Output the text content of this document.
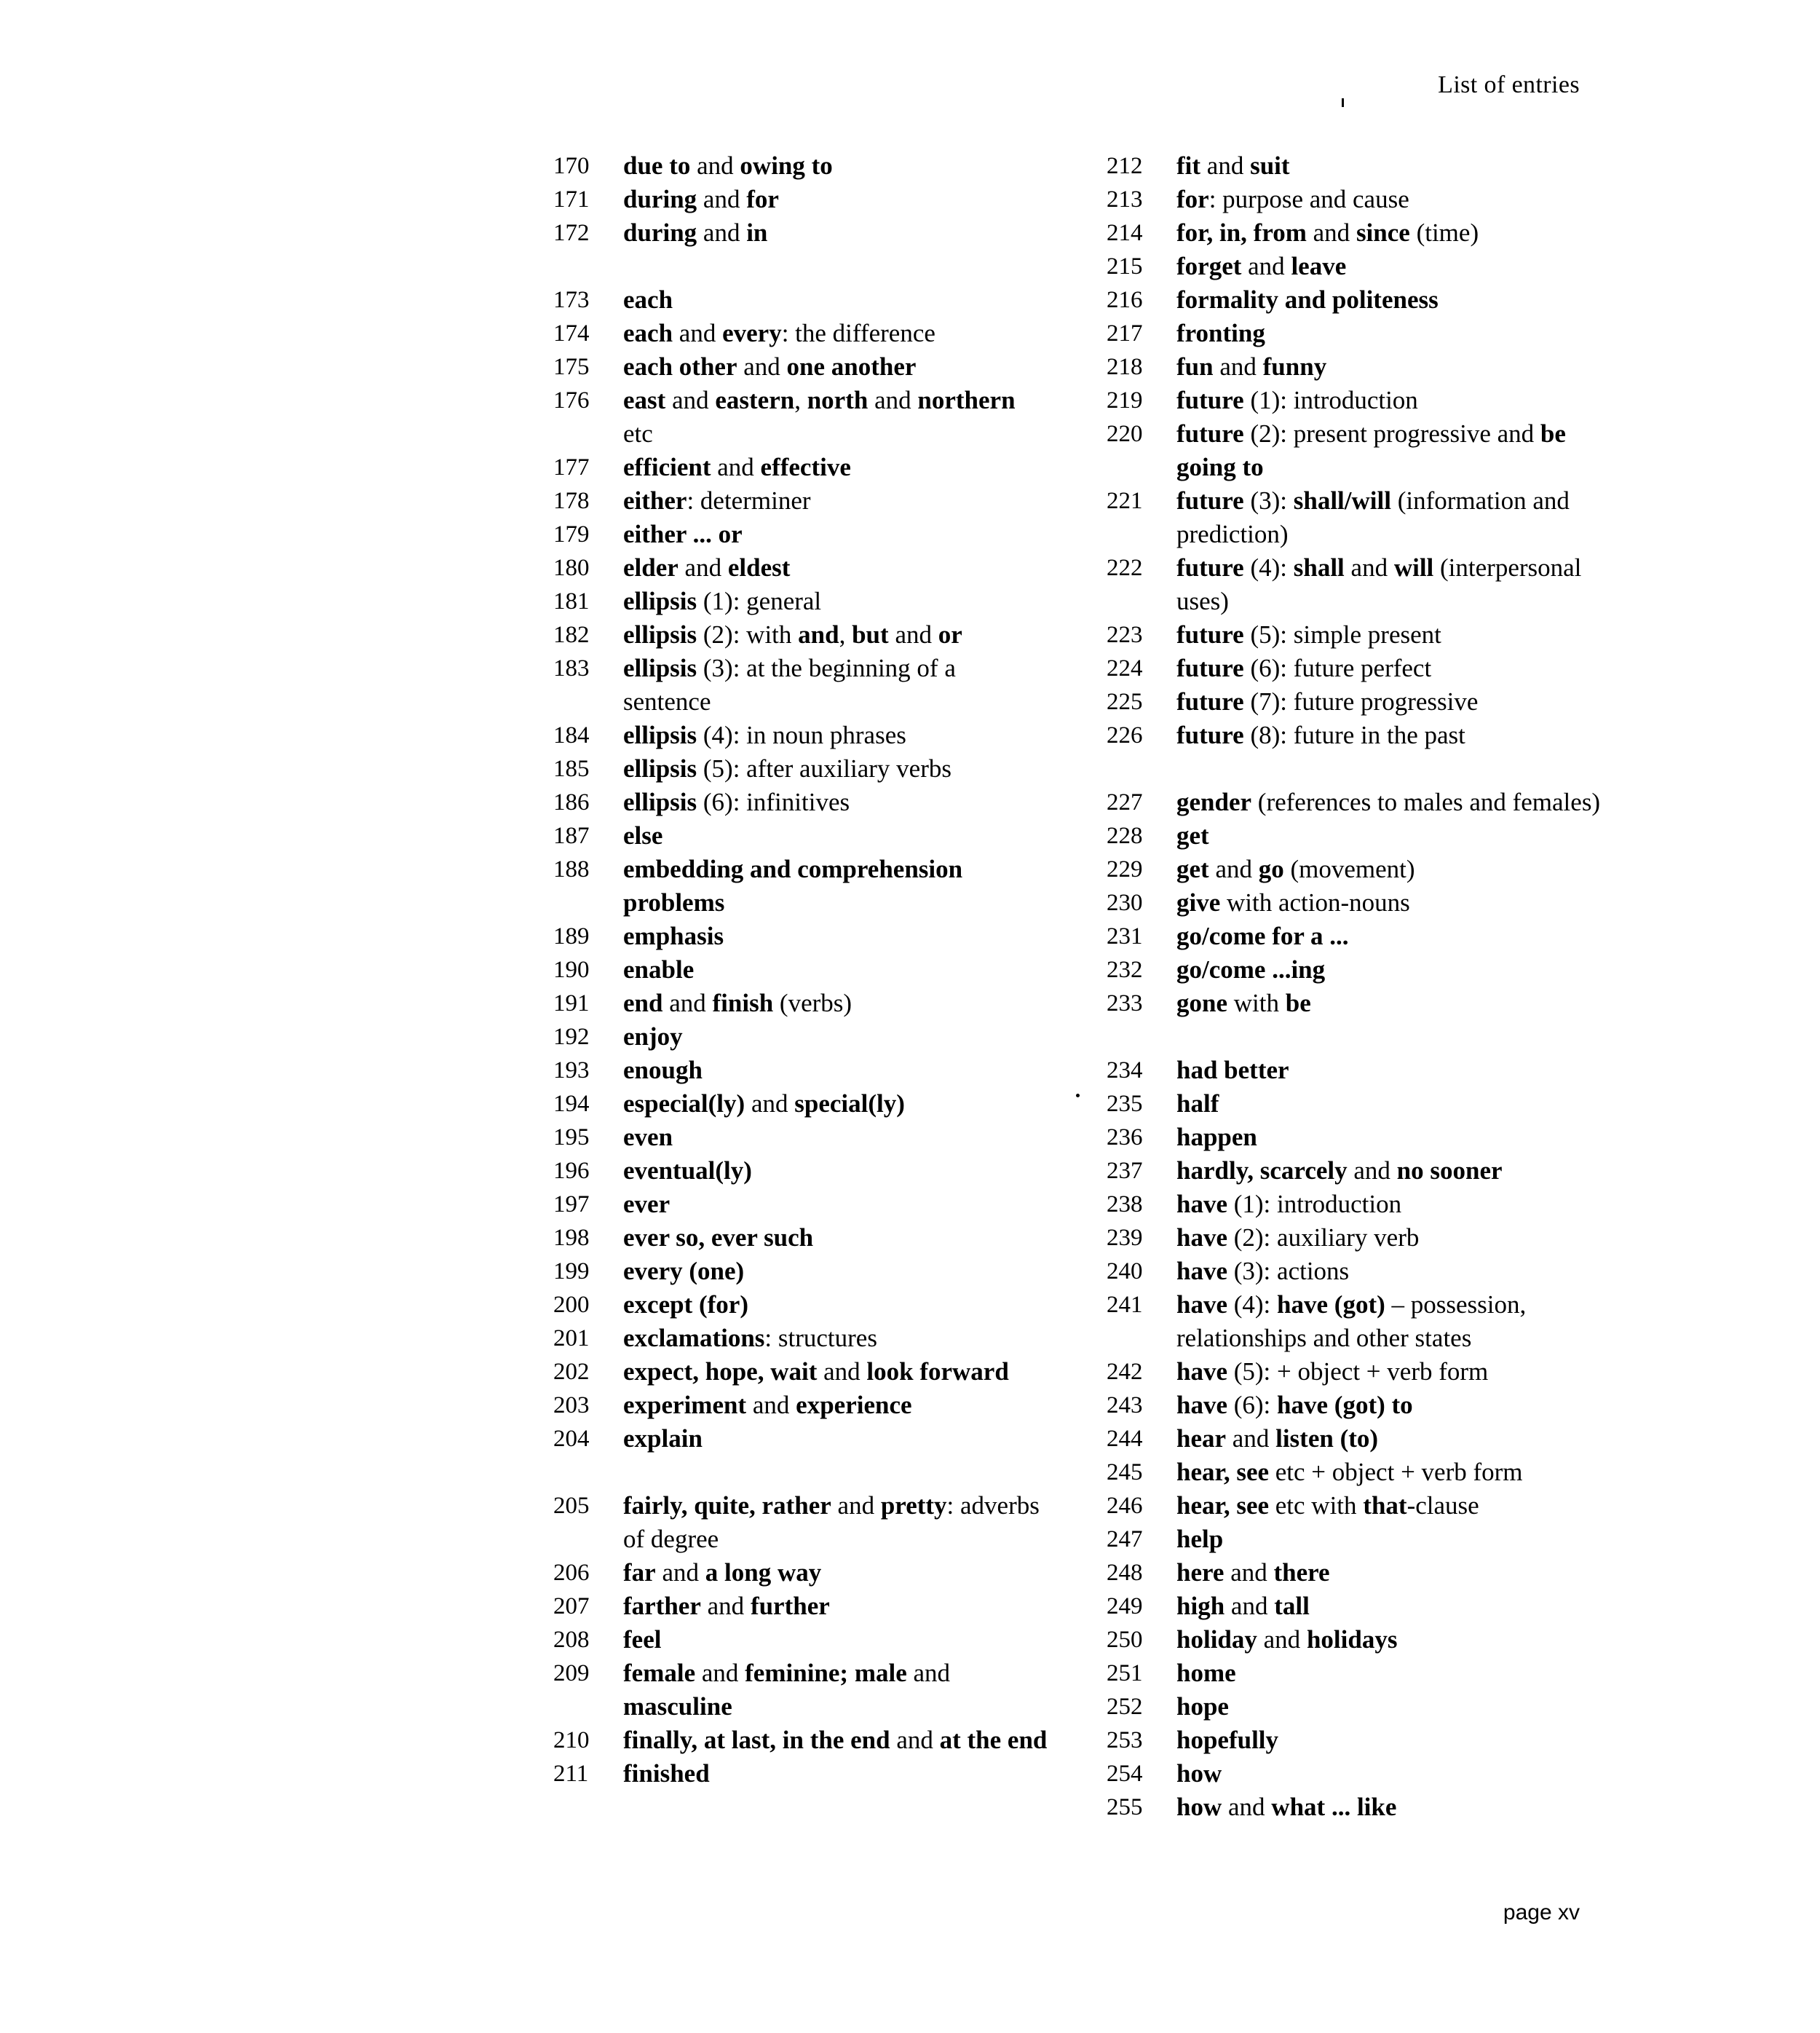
List of entries
170	due to and owing to
171	during and for
172	during and in
173	each
174	each and every: the difference
175	each other and one another
176	east and eastern, north and northern etc
177	efficient and effective
178	either: determiner
179	either ... or
180	elder and eldest
181	ellipsis (1): general
182	ellipsis (2): with and, but and or
183	ellipsis (3): at the beginning of a sentence
184	ellipsis (4): in noun phrases
185	ellipsis (5): after auxiliary verbs
186	ellipsis (6): infinitives
187	else
188	embedding and comprehension problems
189	emphasis
190	enable
191	end and finish (verbs)
192	enjoy
193	enough
194	especial(ly) and special(ly)
195	even
196	eventual(ly)
197	ever
198	ever so, ever such
199	every (one)
200	except (for)
201	exclamations: structures
202	expect, hope, wait and look forward
203	experiment and experience
204	explain
205	fairly, quite, rather and pretty: adverbs of degree
206	far and a long way
207	farther and further
208	feel
209	female and feminine; male and masculine
210	finally, at last, in the end and at the end
211	finished
212	fit and suit
213	for: purpose and cause
214	for, in, from and since (time)
215	forget and leave
216	formality and politeness
217	fronting
218	fun and funny
219	future (1): introduction
220	future (2): present progressive and be going to
221	future (3): shall/will (information and prediction)
222	future (4): shall and will (interpersonal uses)
223	future (5): simple present
224	future (6): future perfect
225	future (7): future progressive
226	future (8): future in the past
227	gender (references to males and females)
228	get
229	get and go (movement)
230	give with action-nouns
231	go/come for a ...
232	go/come ...ing
233	gone with be
234	had better
235	half
236	happen
237	hardly, scarcely and no sooner
238	have (1): introduction
239	have (2): auxiliary verb
240	have (3): actions
241	have (4): have (got) – possession, relationships and other states
242	have (5): + object + verb form
243	have (6): have (got) to
244	hear and listen (to)
245	hear, see etc + object + verb form
246	hear, see etc with that-clause
247	help
248	here and there
249	high and tall
250	holiday and holidays
251	home
252	hope
253	hopefully
254	how
255	how and what ... like
page xv
